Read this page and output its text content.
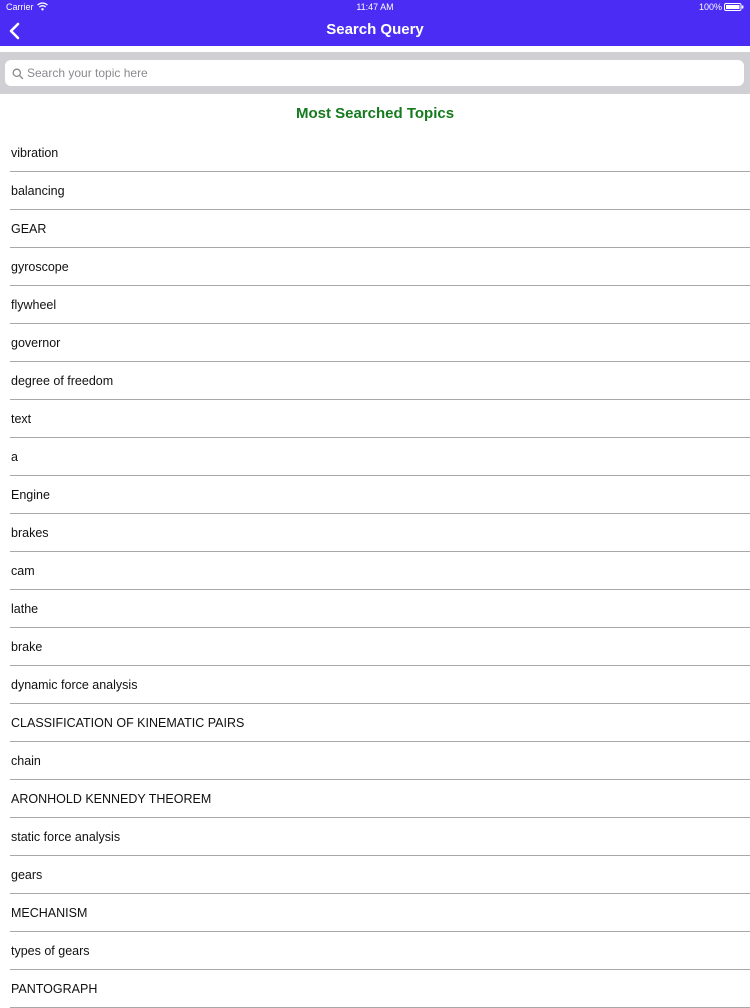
Carrier	11:47 AM	100%
Search Query
Search your topic here
Most Searched Topics
vibration
balancing
GEAR
gyroscope
flywheel
governor
degree of freedom
text
a
Engine
brakes
cam
lathe
brake
dynamic force analysis
CLASSIFICATION OF KINEMATIC PAIRS
chain
ARONHOLD KENNEDY THEOREM
static force analysis
gears
MECHANISM
types of gears
PANTOGRAPH
